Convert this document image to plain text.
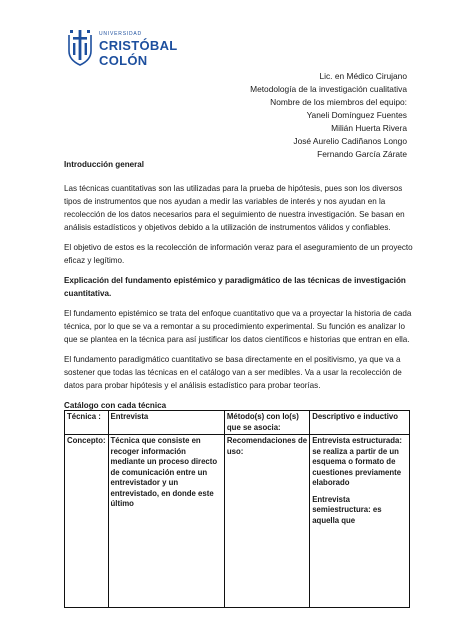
UNIVERSIDAD
CRISTÓBAL
COLÓN
Lic. en Médico Cirujano
Metodología de la investigación cualitativa
Nombre de los miembros del equipo:
Yaneli Domínguez Fuentes
Milián Huerta Rivera
José Aurelio Cadiñanos Longo
Fernando García Zárate
Introducción general

Las técnicas cuantitativas son las utilizadas para la prueba de hipótesis, pues son los diversos tipos de instrumentos que nos ayudan a medir las variables de interés y nos ayudan en la recolección de los datos necesarios para el seguimiento de nuestra investigación. Se basan en análisis estadísticos y objetivos debido a la utilización de instrumentos válidos y confiables.

El objetivo de estos es la recolección de información veraz para el aseguramiento de un proyecto eficaz y legítimo.

Explicación del fundamento epistémico y paradigmático de las técnicas de investigación cuantitativa.

El fundamento epistémico se trata del enfoque cuantitativo que va a proyectar la historia de cada técnica, por lo que se va a remontar a su procedimiento experimental. Su función es analizar lo que se plantea en la técnica para así justificar los datos científicos e historias que entran en ella.

El fundamento paradigmático cuantitativo se basa directamente en el positivismo, ya que va a sostener que todas las técnicas en el catálogo van a ser medibles. Va a usar la recolección de datos para probar hipótesis y el análisis estadístico para probar teorías.

Catálogo con cada técnica
Técnica :	Entrevista	Método(s) con lo(s) que se asocia:	Descriptivo e inductivo
Concepto:	Técnica que consiste en recoger información mediante un proceso directo de comunicación entre un entrevistador y un entrevistado, en donde este último	Recomendaciones de uso:	Entrevista estructurada: se realiza a partir de un esquema o formato de cuestiones previamente elaborado
Entrevista semiestructura: es aquella que
